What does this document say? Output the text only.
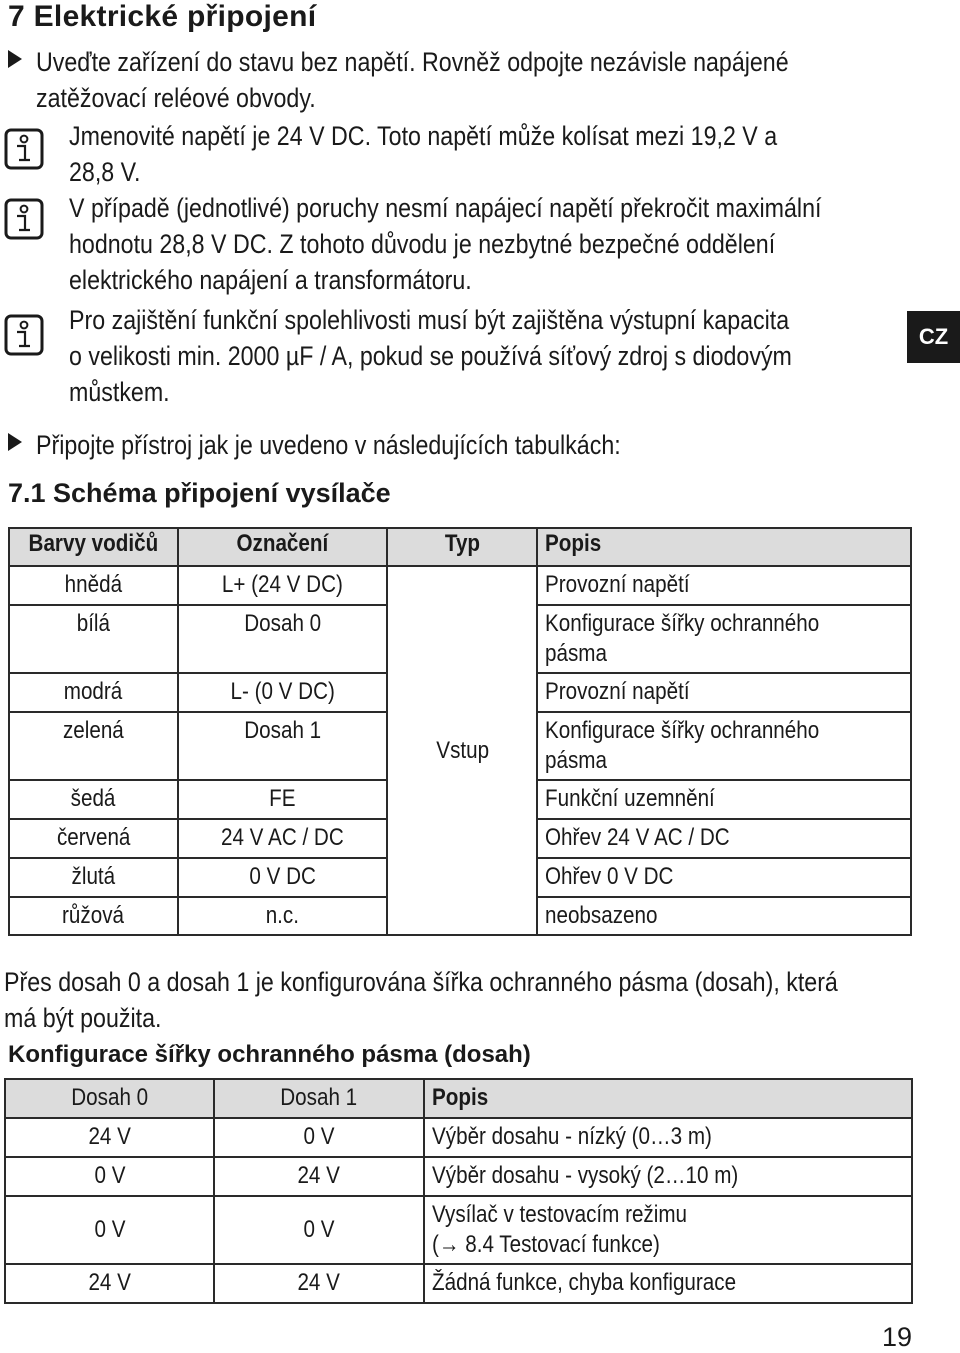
7 Elektrické připojení
Uveďte zařízení do stavu bez napětí. Rovněž odpojte nezávisle napájené
zatěžovací reléové obvody.
Jmenovité napětí je 24 V DC. Toto napětí může kolísat mezi 19,2 V a
28,8 V.
V případě (jednotlivé) poruchy nesmí napájecí napětí překročit maximální
hodnotu 28,8 V DC. Z tohoto důvodu je nezbytné bezpečné oddělení
elektrického napájení a transformátoru.
Pro zajištění funkční spolehlivosti musí být zajištěna výstupní kapacita
o velikosti min. 2000 µF / A, pokud se používá síťový zdroj s diodovým
můstkem.
CZ
Připojte přístroj jak je uvedeno v následujících tabulkách:
7.1 Schéma připojení vysílače
Barvy vodičů	Označení	Typ	Popis
hnědá	L+ (24 V DC)	Vstup	Provozní napětí
bílá	Dosah 0		Konfigurace šířky ochranného
pásma
modrá	L- (0 V DC)		Provozní napětí
zelená	Dosah 1		Konfigurace šířky ochranného
pásma
šedá	FE		Funkční uzemnění
červená	24 V AC / DC		Ohřev 24 V AC / DC
žlutá	0 V DC		Ohřev 0 V DC
růžová	n.c.		neobsazeno
Přes dosah 0 a dosah 1 je konfigurována šířka ochranného pásma (dosah), která
má být použita.
Konfigurace šířky ochranného pásma (dosah)
Dosah 0	Dosah 1	Popis
24 V	0 V	Výběr dosahu - nízký (0…3 m)
0 V	24 V	Výběr dosahu - vysoký (2…10 m)
0 V	0 V	Vysílač v testovacím režimu
(→ 8.4 Testovací funkce)
24 V	24 V	Žádná funkce, chyba konfigurace
19
